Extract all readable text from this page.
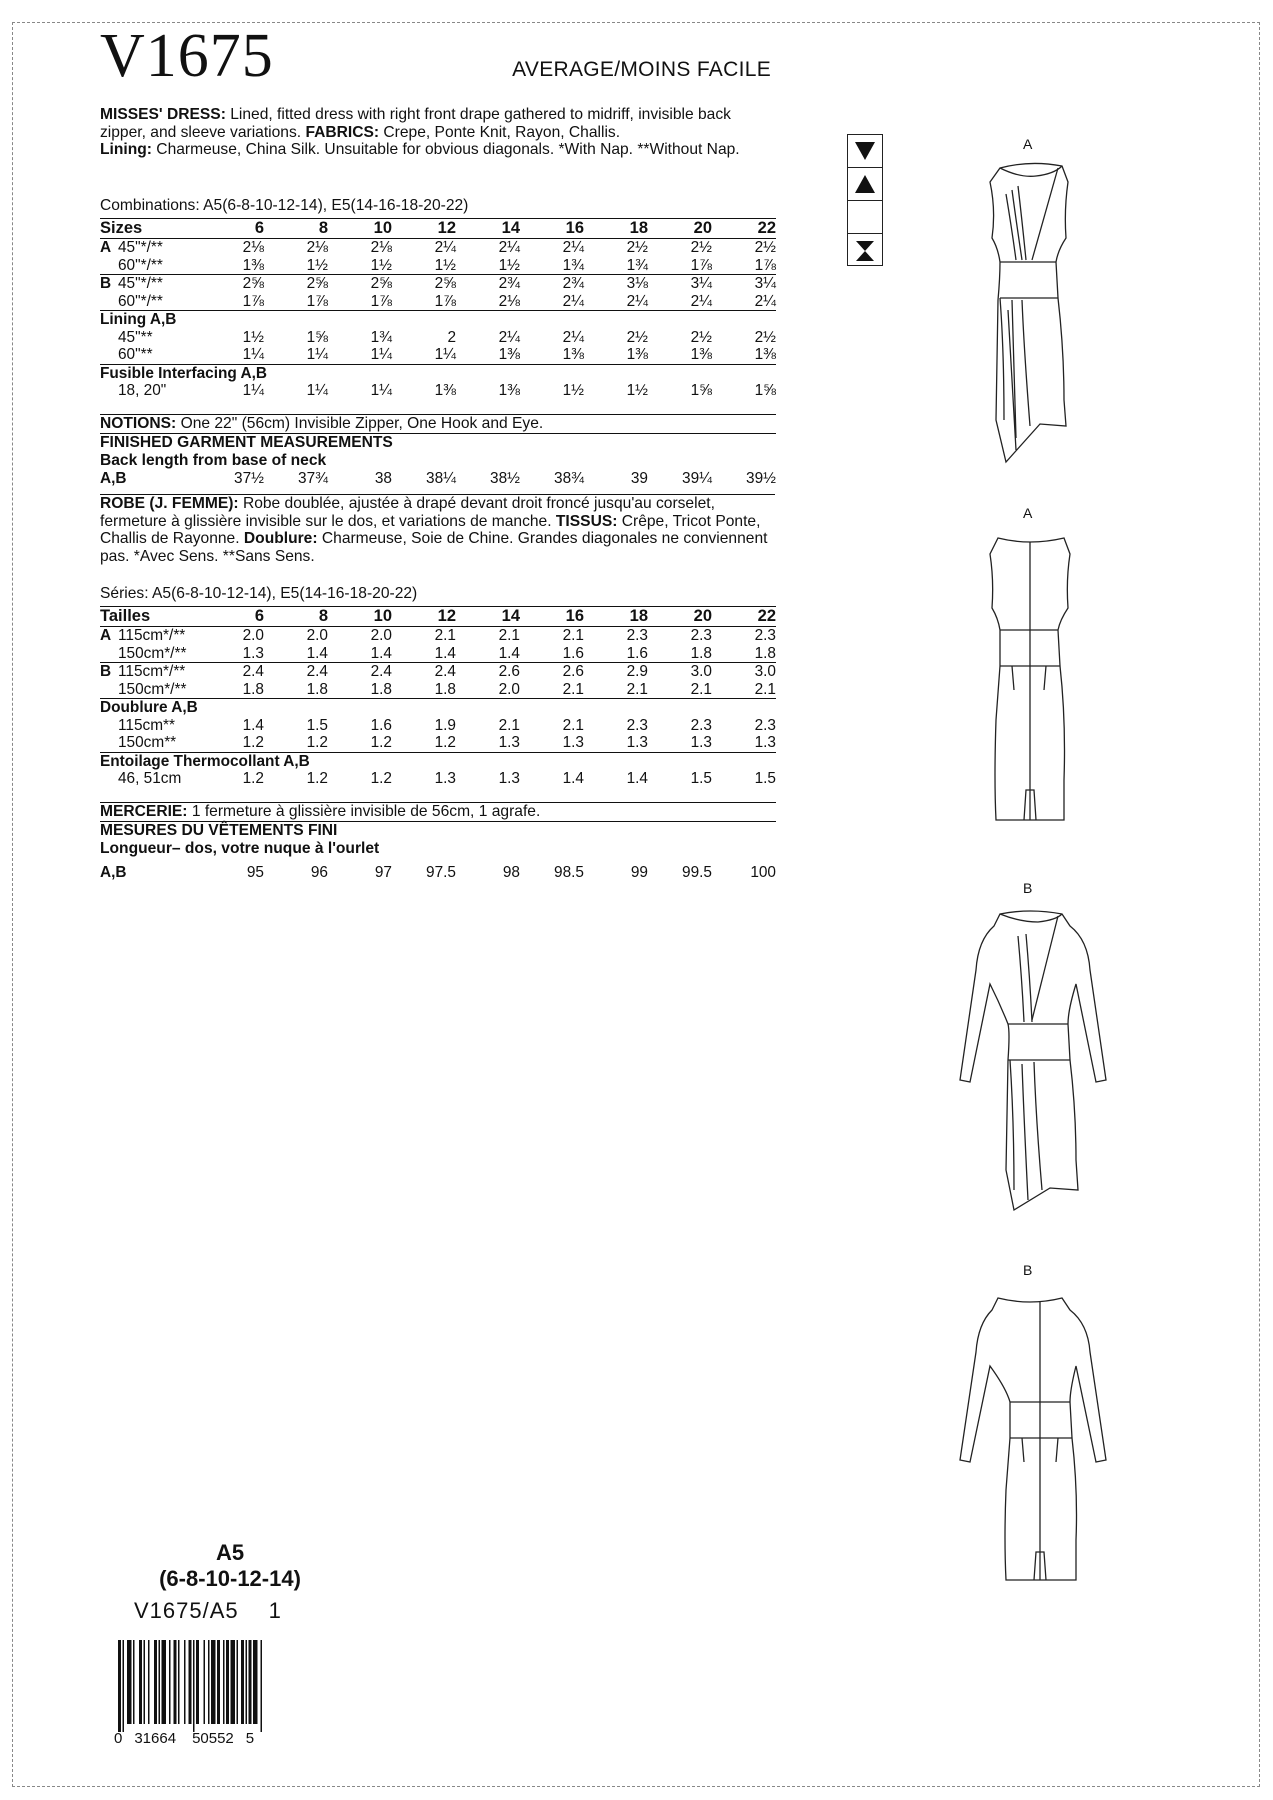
V1675	AVERAGE/MOINS FACILE
MISSES' DRESS: Lined, fitted dress with right front drape gathered to midriff, invisible back zipper, and sleeve variations. FABRICS: Crepe, Ponte Knit, Rayon, Challis.
Lining: Charmeuse, China Silk. Unsuitable for obvious diagonals. *With Nap. **Without Nap.
Combinations: A5(6-8-10-12-14), E5(14-16-18-20-22)
Sizes	6	8	10	12	14	16	18	20	22
A 45"*/**	2⅛	2⅛	2⅛	2¼	2¼	2¼	2½	2½	2½
60"*/**	1⅜	1½	1½	1½	1½	1¾	1¾	1⅞	1⅞
B 45"*/**	2⅝	2⅝	2⅝	2⅝	2¾	2¾	3⅛	3¼	3¼
60"*/**	1⅞	1⅞	1⅞	1⅞	2⅛	2¼	2¼	2¼	2¼
Lining A,B									
45"**	1½	1⅝	1¾	2	2¼	2¼	2½	2½	2½
60"**	1¼	1¼	1¼	1¼	1⅜	1⅜	1⅜	1⅜	1⅜
Fusible Interfacing A,B									
18, 20"	1¼	1¼	1¼	1⅜	1⅜	1½	1½	1⅝	1⅝
NOTIONS: One 22" (56cm) Invisible Zipper, One Hook and Eye.
FINISHED GARMENT MEASUREMENTS
Back length from base of neck
A,B	37½	37¾	38	38¼	38½	38¾	39	39¼	39½
ROBE (J. FEMME): Robe doublée, ajustée à drapé devant droit froncé jusqu'au corselet, fermeture à glissière invisible sur le dos, et variations de manche. TISSUS: Crêpe, Tricot Ponte, Challis de Rayonne. Doublure: Charmeuse, Soie de Chine. Grandes diagonales ne conviennent pas. *Avec Sens. **Sans Sens.
Séries: A5(6-8-10-12-14), E5(14-16-18-20-22)
Tailles	6	8	10	12	14	16	18	20	22
A 115cm*/**	2.0	2.0	2.0	2.1	2.1	2.1	2.3	2.3	2.3
150cm*/**	1.3	1.4	1.4	1.4	1.4	1.6	1.6	1.8	1.8
B 115cm*/**	2.4	2.4	2.4	2.4	2.6	2.6	2.9	3.0	3.0
150cm*/**	1.8	1.8	1.8	1.8	2.0	2.1	2.1	2.1	2.1
Doublure A,B									
115cm**	1.4	1.5	1.6	1.9	2.1	2.1	2.3	2.3	2.3
150cm**	1.2	1.2	1.2	1.2	1.3	1.3	1.3	1.3	1.3
Entoilage Thermocollant A,B									
46, 51cm	1.2	1.2	1.2	1.3	1.3	1.4	1.4	1.5	1.5
MERCERIE: 1 fermeture à glissière invisible de 56cm, 1 agrafe.
MESURES DU VÊTEMENTS FINI
Longueur– dos, votre nuque à l'ourlet
A,B	95	96	97	97.5	98	98.5	99	99.5	100
A
A
B
B
A5
(6-8-10-12-14)
V1675/A5 1
0 31664 50552 5
